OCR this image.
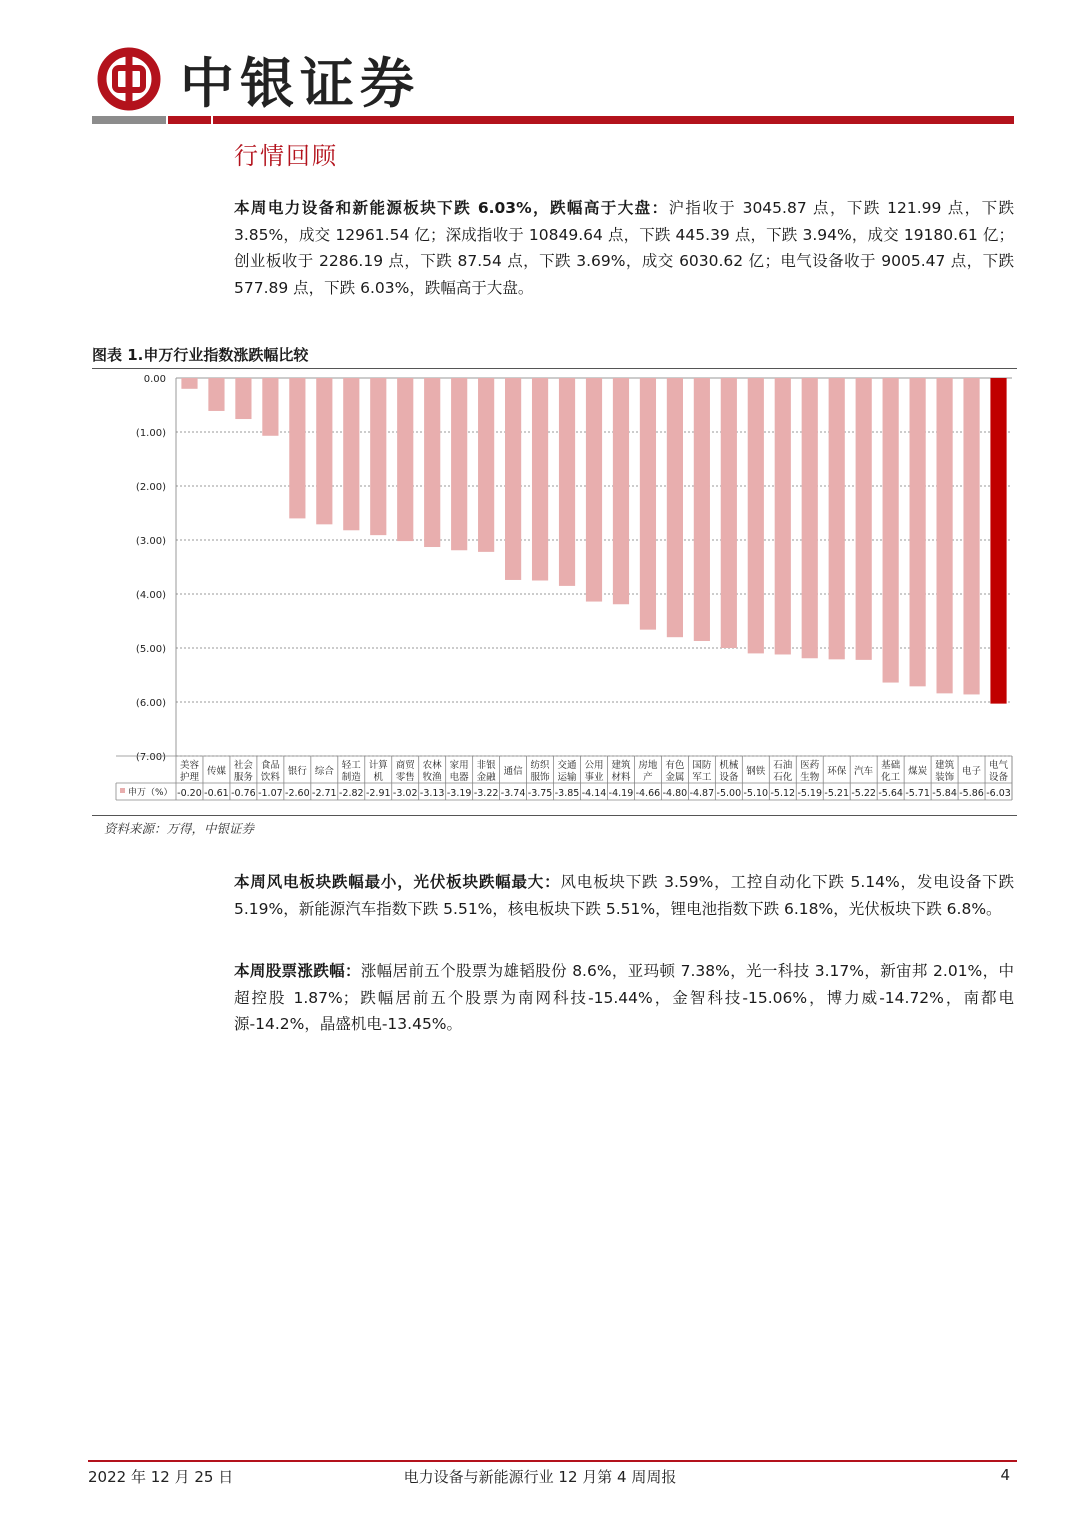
中银证券
行情回顾
本周电力设备和新能源板块下跌 6.03%，跌幅高于大盘：沪指收于 3045.87 点，下跌 121.99 点，下跌 3.85%，成交 12961.54 亿；深成指收于 10849.64 点，下跌 445.39 点，下跌 3.94%，成交 19180.61 亿；创业板收于 2286.19 点，下跌 87.54 点，下跌 3.69%，成交 6030.62 亿；电气设备收于 9005.47 点，下跌 577.89 点，下跌 6.03%，跌幅高于大盘。
图表 1.申万行业指数涨跌幅比较
0.00
(1.00)
(2.00)
(3.00)
(4.00)
(5.00)
(6.00)
(7.00)
申万（%）
美容
护理
-0.20
传媒
-0.61
社会
服务
-0.76
食品
饮料
-1.07
银行
-2.60
综合
-2.71
轻工
制造
-2.82
计算
机
-2.91
商贸
零售
-3.02
农林
牧渔
-3.13
家用
电器
-3.19
非银
金融
-3.22
通信
-3.74
纺织
服饰
-3.75
交通
运输
-3.85
公用
事业
-4.14
建筑
材料
-4.19
房地
产
-4.66
有色
金属
-4.80
国防
军工
-4.87
机械
设备
-5.00
钢铁
-5.10
石油
石化
-5.12
医药
生物
-5.19
环保
-5.21
汽车
-5.22
基础
化工
-5.64
煤炭
-5.71
建筑
装饰
-5.84
电子
-5.86
电气
设备
-6.03
资料来源：万得，中银证券
本周风电板块跌幅最小，光伏板块跌幅最大：风电板块下跌 3.59%，工控自动化下跌 5.14%，发电设备下跌 5.19%，新能源汽车指数下跌 5.51%，核电板块下跌 5.51%，锂电池指数下跌 6.18%，光伏板块下跌 6.8%。
本周股票涨跌幅：涨幅居前五个股票为雄韬股份 8.6%，亚玛顿 7.38%，光一科技 3.17%，新宙邦 2.01%，中超控股 1.87%；跌幅居前五个股票为南网科技-15.44%，金智科技-15.06%，博力威-14.72%，南都电源-14.2%，晶盛机电-13.45%。
2022 年 12 月 25 日	电力设备与新能源行业 12 月第 4 周周报	4
